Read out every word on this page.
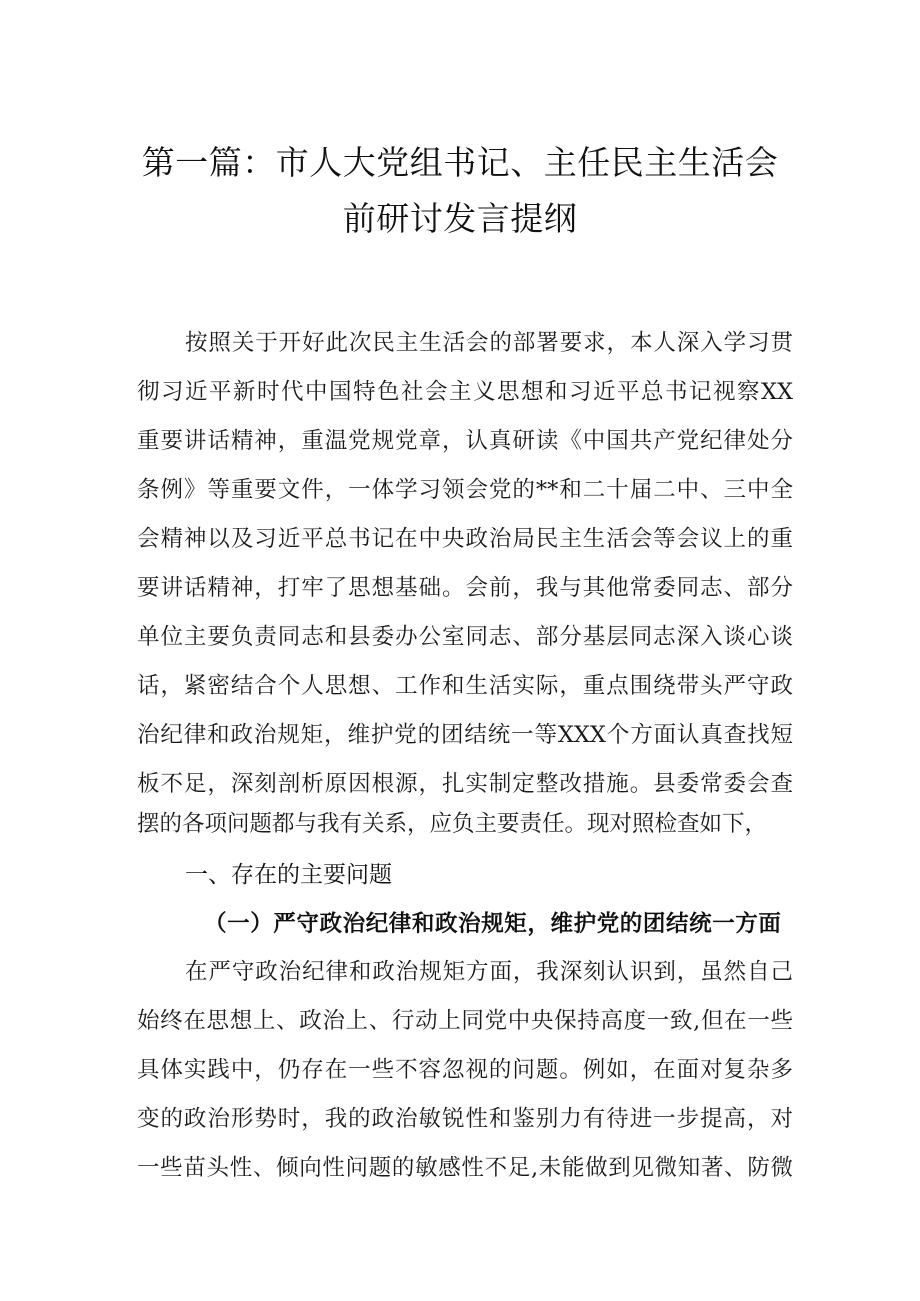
第一篇：市人大党组书记、主任民主生活会
前研讨发言提纲
按照关于开好此次民主生活会的部署要求，本人深入学习贯
彻习近平新时代中国特色社会主义思想和习近平总书记视察XX
重要讲话精神，重温党规党章，认真研读《中国共产党纪律处分
条例》等重要文件，一体学习领会党的**和二十届二中、三中全
会精神以及习近平总书记在中央政治局民主生活会等会议上的重
要讲话精神，打牢了思想基础。会前，我与其他常委同志、部分
单位主要负责同志和县委办公室同志、部分基层同志深入谈心谈
话，紧密结合个人思想、工作和生活实际，重点围绕带头严守政
治纪律和政治规矩，维护党的团结统一等XXX个方面认真查找短
板不足，深刻剖析原因根源，扎实制定整改措施。县委常委会查
摆的各项问题都与我有关系，应负主要责任。现对照检查如下，
一、存在的主要问题
（一）严守政治纪律和政治规矩，维护党的团结统一方面
在严守政治纪律和政治规矩方面，我深刻认识到，虽然自己
始终在思想上、政治上、行动上同党中央保持高度一致,但在一些
具体实践中，仍存在一些不容忽视的问题。例如，在面对复杂多
变的政治形势时，我的政治敏锐性和鉴别力有待进一步提高，对
一些苗头性、倾向性问题的敏感性不足,未能做到见微知著、防微
